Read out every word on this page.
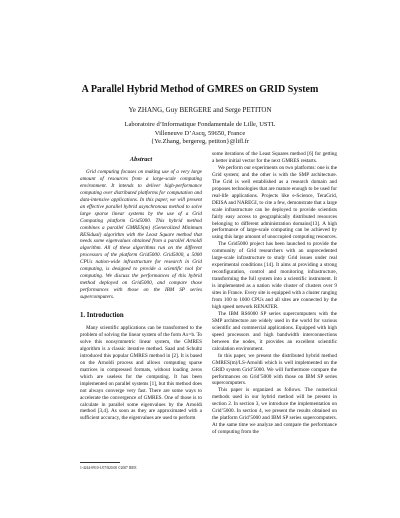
A Parallel Hybrid Method of GMRES on GRID System
Ye ZHANG, Guy BERGERE and Serge PETITON
Laboratoire d’Informatique Fondamentale de Lille, USTL
Villeneuve D’Ascq, 59650, France
{Ye.Zhang, bergereg, petiton}@lifl.fr
Abstract

Grid computing focuses on making use of a very large amount of resources from a large-scale computing environment. It intends to deliver high-performance computing over distributed platforms for computation and data-intensive applications. In this paper, we will present an effective parallel hybrid asynchronous method to solve large sparse linear systems by the use of a Grid Computing platform Grid5000. This hybrid method combines a parallel GMRES(m) (Generalized Minimum RESidual) algorithm with the Least Square method that needs some eigenvalues obtained from a parallel Arnoldi algorithm. All of these algorithms run on the different processors of the platform Grid5000. Grid5000, a 5000 CPUs nation-wide infrastructure for research in Grid computing, is designed to provide a scientific tool for computing. We discuss the performances of this hybrid method deployed on Grid5000, and compare those performances with those on the IBM SP series supercomputers.

1. Introduction

Many scientific applications can be transformed to the problem of solving the linear system of the form Ax=b. To solve this nonsymmetric linear system, the GMRES algorithm is a classic iterative method. Saad and Schultz introduced this popular GMRES method in [2]. It is based on the Arnoldi process and allows computing sparse matrices in compressed formats, without loading zeros which are useless for the computing. It has been implemented on parallel systems [1], but this method does not always converge very fast. There are some ways to accelerate the convergence of GMRES. One of those is to calculate in parallel some eigenvalues by the Arnoldi method [3,4]. As soon as they are approximated with a sufficient accuracy, the eigenvalues are used to perform

some iterations of the Least Squares method [6] for getting a better initial vector for the next GMRES restarts.

We perform our experiments on two platforms: one is the Grid system; and the other is with the SMP architecture. The Grid is well established as a research domain and proposes technologies that are mature enough to be used for real-life applications. Projects like e-Science, TeraGrid, DEISA and NAREGI, to cite a few, demonstrate that a large scale infrastructure can be deployed to provide scientists fairly easy access to geographically distributed resources belonging to different administration domains[13]. A high performance of large-scale computing can be achieved by using this large amount of unoccupied computing resources.

The Grid5000 project has been launched to provide the community of Grid researchers with an unprecedented large-scale infrastructure to study Grid issues under real experimental conditions [14]. It aims at providing a strong reconfiguration, control and monitoring infrastructure, transforming the full system into a scientific instrument. It is implemented as a nation wide cluster of clusters over 9 sites in France. Every site is equipped with a cluster ranging from 100 to 1000 CPUs and all sites are connected by the high speed network RENATER.

The IBM RS6000 SP series supercomputers with the SMP architecture are widely used in the world for various scientific and commercial applications. Equipped with high speed processors and high bandwidth interconnections between the nodes, it provides an excellent scientific calculation environment.

In this paper, we present the distributed hybrid method GMRES(m)/LS-Arnoldi which is well implemented on the GRID system Grid’5000. We will furthermore compare the performances on Grid’5000 with those on IBM SP series supercomputers.

This paper is organized as follows. The numerical methods used in our hybrid method will be present in section 2. In section 3, we introduce the implementation on Grid’5000. In section 4, we present the results obtained on the platform Grid’5000 and IBM SP series supercomputers. At the same time we analyze and compare the performance of computing from the

1-4244-0910-1/07/$20.00 ©2007 IEEE
